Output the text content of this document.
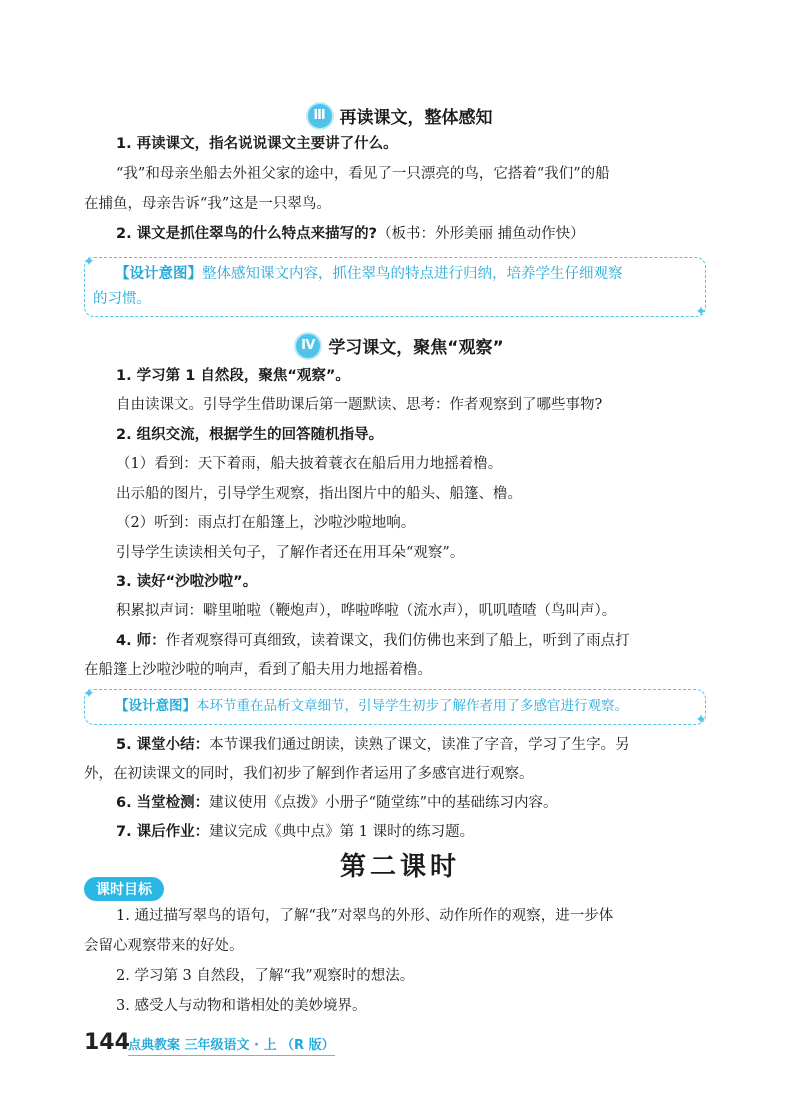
Ⅲ 再读课文，整体感知
1. 再读课文，指名说说课文主要讲了什么。
“我”和母亲坐船去外祖父家的途中，看见了一只漂亮的鸟，它搭着“我们”的船
在捕鱼，母亲告诉“我”这是一只翠鸟。
2. 课文是抓住翠鸟的什么特点来描写的?（板书：外形美丽 捕鱼动作快）
✦
✦
【设计意图】整体感知课文内容，抓住翠鸟的特点进行归纳，培养学生仔细观察
的习惯。
Ⅳ 学习课文，聚焦“观察”
1. 学习第 1 自然段，聚焦“观察”。
自由读课文。引导学生借助课后第一题默读、思考：作者观察到了哪些事物?
2. 组织交流，根据学生的回答随机指导。
（1）看到：天下着雨，船夫披着蓑衣在船后用力地摇着橹。
出示船的图片，引导学生观察，指出图片中的船头、船篷、橹。
（2）听到：雨点打在船篷上，沙啦沙啦地响。
引导学生读读相关句子，了解作者还在用耳朵“观察”。
3. 读好“沙啦沙啦”。
积累拟声词：噼里啪啦（鞭炮声），哗啦哗啦（流水声），叽叽喳喳（鸟叫声）。
4. 师：作者观察得可真细致，读着课文，我们仿佛也来到了船上，听到了雨点打
在船篷上沙啦沙啦的响声，看到了船夫用力地摇着橹。
✦
✦
【设计意图】本环节重在品析文章细节，引导学生初步了解作者用了多感官进行观察。
5. 课堂小结：本节课我们通过朗读，读熟了课文，读准了字音，学习了生字。另
外，在初读课文的同时，我们初步了解到作者运用了多感官进行观察。
6. 当堂检测：建议使用《点拨》小册子“随堂练”中的基础练习内容。
7. 课后作业：建议完成《典中点》第 1 课时的练习题。
第二课时
课时目标
1. 通过描写翠鸟的语句，了解“我”对翠鸟的外形、动作所作的观察，进一步体
会留心观察带来的好处。
2. 学习第 3 自然段，了解“我”观察时的想法。
3. 感受人与动物和谐相处的美妙境界。
144
点典教案 三年级语文 · 上 （R 版）
